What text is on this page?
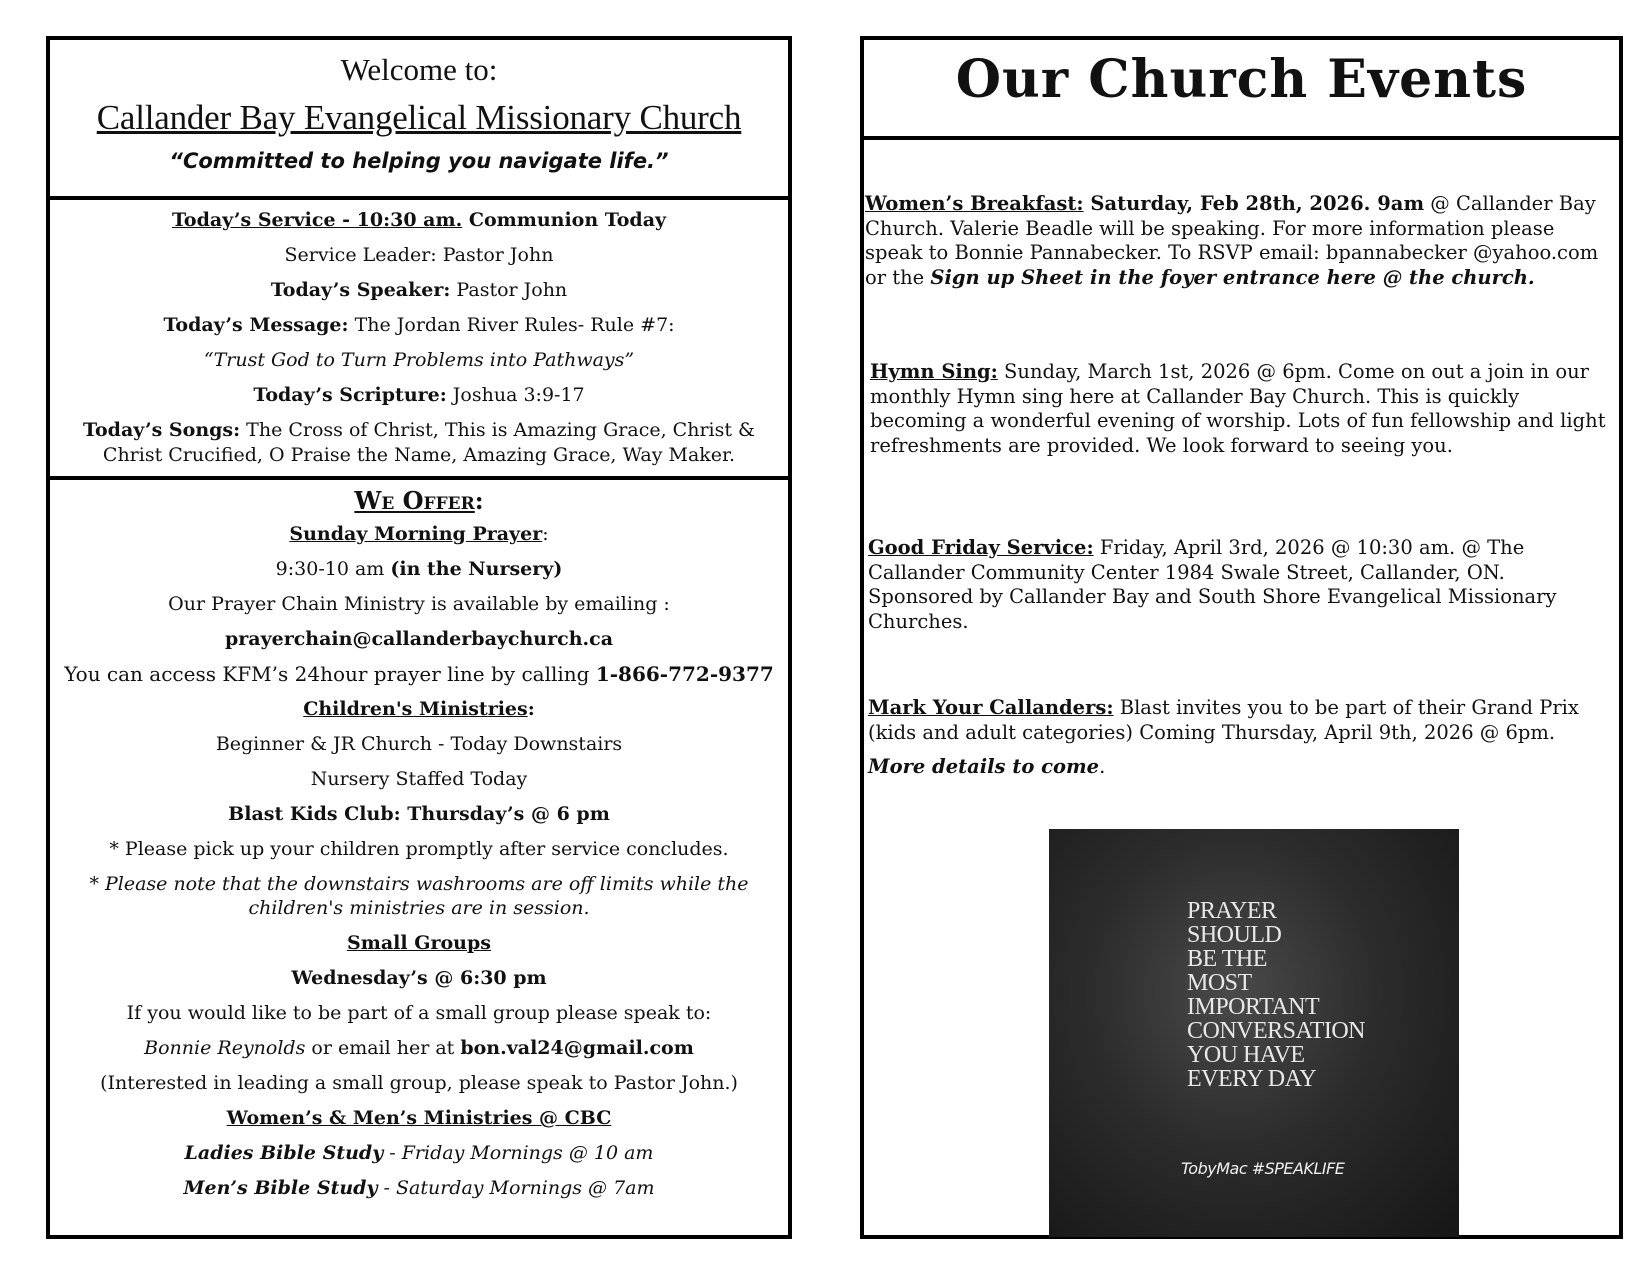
Welcome to:
Callander Bay Evangelical Missionary Church
“Committed to helping you navigate life.”
Today’s Service - 10:30 am. Communion Today
Service Leader: Pastor John
Today’s Speaker: Pastor John
Today’s Message: The Jordan River Rules- Rule #7:
“Trust God to Turn Problems into Pathways”
Today’s Scripture: Joshua 3:9-17
Today’s Songs: The Cross of Christ, This is Amazing Grace, Christ & Christ Crucified, O Praise the Name, Amazing Grace, Way Maker.
We Offer:
Sunday Morning Prayer:
9:30-10 am (in the Nursery)
Our Prayer Chain Ministry is available by emailing :
prayerchain@callanderbaychurch.ca
You can access KFM’s 24hour prayer line by calling 1-866-772-9377
Children's Ministries:
Beginner & JR Church - Today Downstairs
Nursery Staffed Today
Blast Kids Club: Thursday’s @ 6 pm
* Please pick up your children promptly after service concludes.
* Please note that the downstairs washrooms are off limits while the children's ministries are in session.
Small Groups
Wednesday’s @ 6:30 pm
If you would like to be part of a small group please speak to:
Bonnie Reynolds or email her at bon.val24@gmail.com
(Interested in leading a small group, please speak to Pastor John.)
Women’s & Men’s Ministries @ CBC
Ladies Bible Study - Friday Mornings @ 10 am
Men’s Bible Study - Saturday Mornings @ 7am
Our Church Events
Women’s Breakfast: Saturday, Feb 28th, 2026. 9am @ Callander Bay Church. Valerie Beadle will be speaking. For more information please speak to Bonnie Pannabecker. To RSVP email: bpannabecker @yahoo.com or the Sign up Sheet in the foyer entrance here @ the church.
Hymn Sing: Sunday, March 1st, 2026 @ 6pm. Come on out a join in our monthly Hymn sing here at Callander Bay Church. This is quickly becoming a wonderful evening of worship. Lots of fun fellowship and light refreshments are provided. We look forward to seeing you.
Good Friday Service: Friday, April 3rd, 2026 @ 10:30 am. @ The Callander Community Center 1984 Swale Street, Callander, ON. Sponsored by Callander Bay and South Shore Evangelical Missionary Churches.
Mark Your Callanders: Blast invites you to be part of their Grand Prix (kids and adult categories) Coming Thursday, April 9th, 2026 @ 6pm.
More details to come.
PRAYER
SHOULD
BE THE
MOST
IMPORTANT
CONVERSATION
YOU HAVE
EVERY DAY
TobyMac #SPEAKLIFE
